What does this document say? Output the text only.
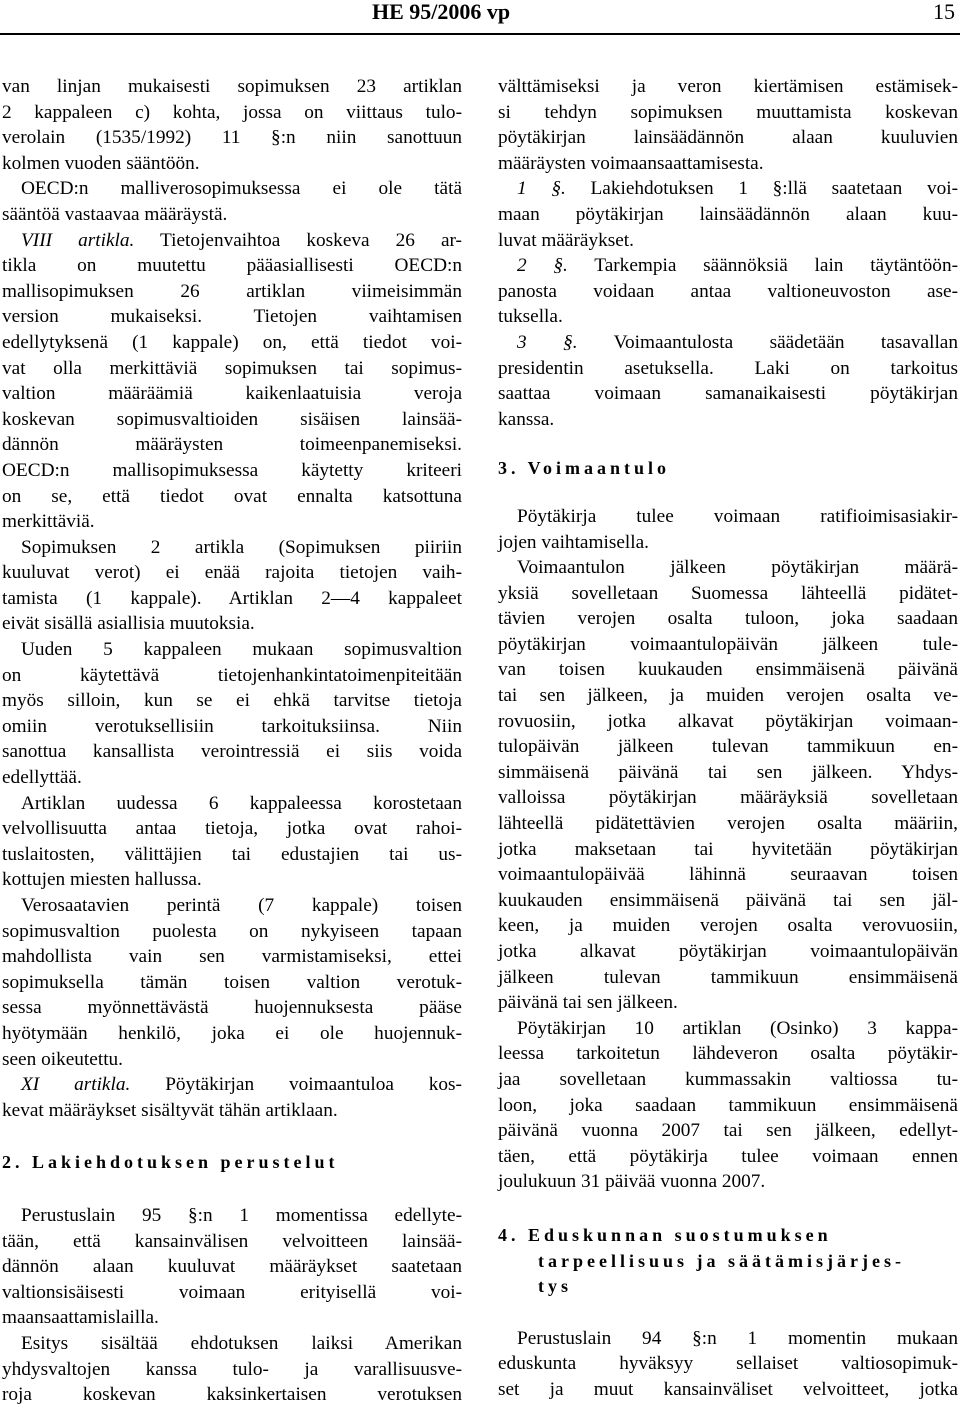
HE 95/2006 vp	15
van linjan mukaisesti sopimuksen 23 artiklan
2 kappaleen c) kohta, jossa on viittaus tulo-
verolain (1535/1992) 11 §:n niin sanottuun
kolmen vuoden sääntöön.
OECD:n malliverosopimuksessa ei ole tätä
sääntöä vastaavaa määräystä.
VIII artikla. Tietojenvaihtoa koskeva 26 ar-
tikla on muutettu pääasiallisesti OECD:n
mallisopimuksen 26 artiklan viimeisimmän
version mukaiseksi. Tietojen vaihtamisen
edellytyksenä (1 kappale) on, että tiedot voi-
vat olla merkittäviä sopimuksen tai sopimus-
valtion määräämiä kaikenlaatuisia veroja
koskevan sopimusvaltioiden sisäisen lainsää-
dännön määräysten toimeenpanemiseksi.
OECD:n mallisopimuksessa käytetty kriteeri
on se, että tiedot ovat ennalta katsottuna
merkittäviä.
Sopimuksen 2 artikla (Sopimuksen piiriin
kuuluvat verot) ei enää rajoita tietojen vaih-
tamista (1 kappale). Artiklan 2—4 kappaleet
eivät sisällä asiallisia muutoksia.
Uuden 5 kappaleen mukaan sopimusvaltion
on käytettävä tietojenhankintatoimenpiteitään
myös silloin, kun se ei ehkä tarvitse tietoja
omiin verotuksellisiin tarkoituksiinsa. Niin
sanottua kansallista verointressiä ei siis voida
edellyttää.
Artiklan uudessa 6 kappaleessa korostetaan
velvollisuutta antaa tietoja, jotka ovat rahoi-
tuslaitosten, välittäjien tai edustajien tai us-
kottujen miesten hallussa.
Verosaatavien perintä (7 kappale) toisen
sopimusvaltion puolesta on nykyiseen tapaan
mahdollista vain sen varmistamiseksi, ettei
sopimuksella tämän toisen valtion verotuk-
sessa myönnettävästä huojennuksesta pääse
hyötymään henkilö, joka ei ole huojennuk-
seen oikeutettu.
XI artikla. Pöytäkirjan voimaantuloa kos-
kevat määräykset sisältyvät tähän artiklaan.
2. Lakiehdotuksen perustelut
Perustuslain 95 §:n 1 momentissa edellyte-
tään, että kansainvälisen velvoitteen lainsää-
dännön alaan kuuluvat määräykset saatetaan
valtionsisäisesti voimaan erityisellä voi-
maansaattamislailla.
Esitys sisältää ehdotuksen laiksi Amerikan
yhdysvaltojen kanssa tulo- ja varallisuusve-
roja koskevan kaksinkertaisen verotuksen
välttämiseksi ja veron kiertämisen estämisek-
si tehdyn sopimuksen muuttamista koskevan
pöytäkirjan lainsäädännön alaan kuuluvien
määräysten voimaansaattamisesta.
1 §. Lakiehdotuksen 1 §:llä saatetaan voi-
maan pöytäkirjan lainsäädännön alaan kuu-
luvat määräykset.
2 §. Tarkempia säännöksiä lain täytäntöön-
panosta voidaan antaa valtioneuvoston ase-
tuksella.
3 §. Voimaantulosta säädetään tasavallan
presidentin asetuksella. Laki on tarkoitus
saattaa voimaan samanaikaisesti pöytäkirjan
kanssa.
3. Voimaantulo
Pöytäkirja tulee voimaan ratifioimisasiakir-
jojen vaihtamisella.
Voimaantulon jälkeen pöytäkirjan määrä-
yksiä sovelletaan Suomessa lähteellä pidätet-
tävien verojen osalta tuloon, joka saadaan
pöytäkirjan voimaantulopäivän jälkeen tule-
van toisen kuukauden ensimmäisenä päivänä
tai sen jälkeen, ja muiden verojen osalta ve-
rovuosiin, jotka alkavat pöytäkirjan voimaan-
tulopäivän jälkeen tulevan tammikuun en-
simmäisenä päivänä tai sen jälkeen. Yhdys-
valloissa pöytäkirjan määräyksiä sovelletaan
lähteellä pidätettävien verojen osalta määriin,
jotka maksetaan tai hyvitetään pöytäkirjan
voimaantulopäivää lähinnä seuraavan toisen
kuukauden ensimmäisenä päivänä tai sen jäl-
keen, ja muiden verojen osalta verovuosiin,
jotka alkavat pöytäkirjan voimaantulopäivän
jälkeen tulevan tammikuun ensimmäisenä
päivänä tai sen jälkeen.
Pöytäkirjan 10 artiklan (Osinko) 3 kappa-
leessa tarkoitetun lähdeveron osalta pöytäkir-
jaa sovelletaan kummassakin valtiossa tu-
loon, joka saadaan tammikuun ensimmäisenä
päivänä vuonna 2007 tai sen jälkeen, edellyt-
täen, että pöytäkirja tulee voimaan ennen
joulukuun 31 päivää vuonna 2007.
4. Eduskunnan suostumuksen
tarpeellisuus ja säätämisjärjes-
tys
Perustuslain 94 §:n 1 momentin mukaan
eduskunta hyväksyy sellaiset valtiosopimuk-
set ja muut kansainväliset velvoitteet, jotka
